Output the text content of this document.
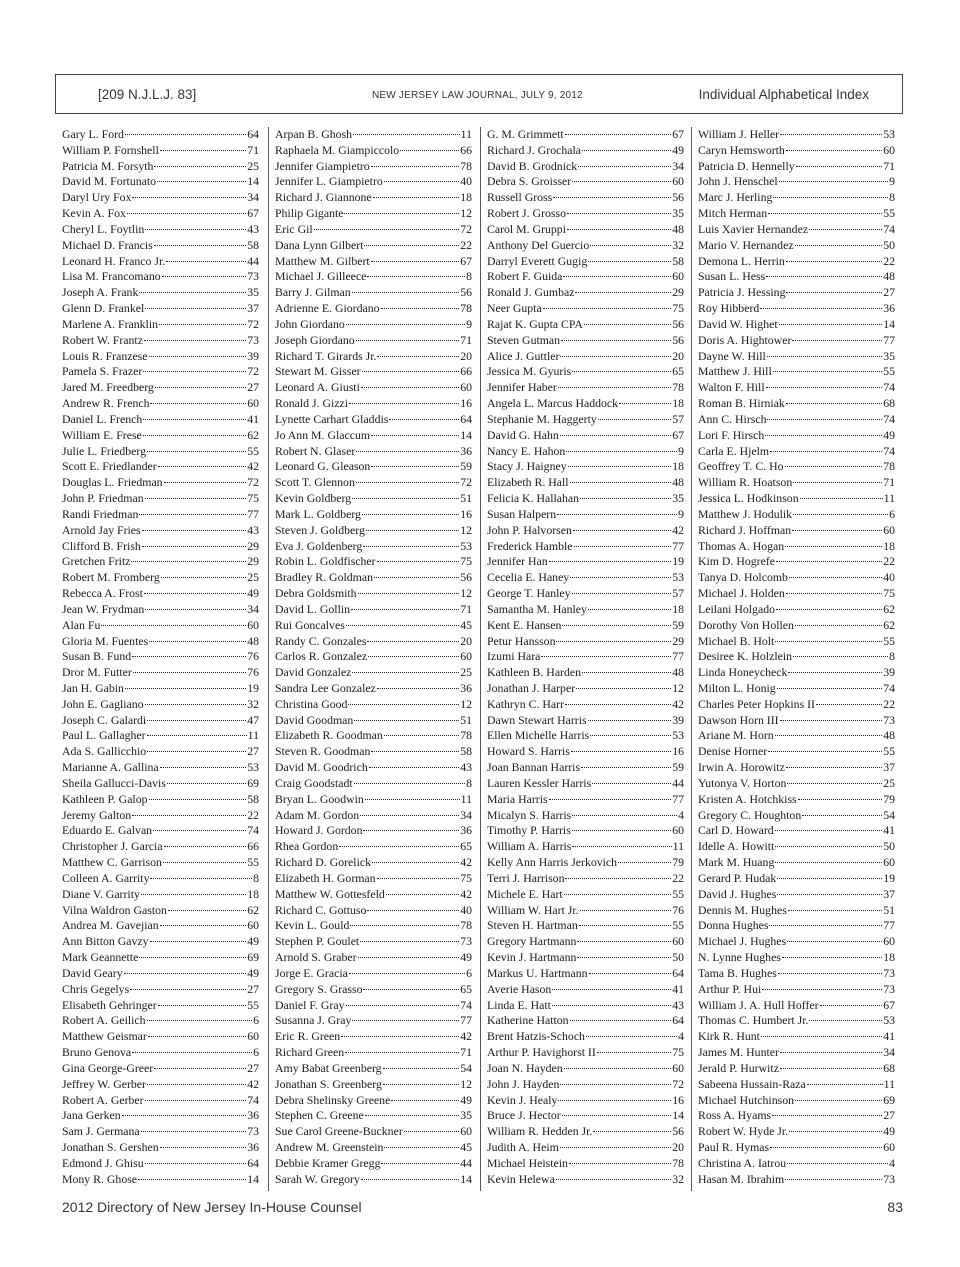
[209 N.J.L.J. 83]	NEW JERSEY LAW JOURNAL, JULY 9, 2012	Individual Alphabetical Index
Gary L. Ford	64
William P. Fornshell	71
Patricia M. Forsyth	25
David M. Fortunato	14
Daryl Ury Fox	34
Kevin A. Fox	67
Cheryl L. Foytlin	43
Michael D. Francis	58
Leonard H. Franco Jr.	44
Lisa M. Francomano	73
Joseph A. Frank	35
Glenn D. Frankel	37
Marlene A. Franklin	72
Robert W. Frantz	73
Louis R. Franzese	39
Pamela S. Frazer	72
Jared M. Freedberg	27
Andrew R. French	60
Daniel L. French	41
William E. Frese	62
Julie L. Friedberg	55
Scott E. Friedlander	42
Douglas L. Friedman	72
John P. Friedman	75
Randi Friedman	77
Arnold Jay Fries	43
Clifford B. Frish	29
Gretchen Fritz	29
Robert M. Fromberg	25
Rebecca A. Frost	49
Jean W. Frydman	34
Alan Fu	60
Gloria M. Fuentes	48
Susan B. Fund	76
Dror M. Futter	76
Jan H. Gabin	19
John E. Gagliano	32
Joseph C. Galardi	47
Paul L. Gallagher	11
Ada S. Gallicchio	27
Marianne A. Gallina	53
Sheila Gallucci-Davis	69
Kathleen P. Galop	58
Jeremy Galton	22
Eduardo E. Galvan	74
Christopher J. Garcia	66
Matthew C. Garrison	55
Colleen A. Garrity	8
Diane V. Garrity	18
Vilna Waldron Gaston	62
Andrea M. Gavejian	60
Ann Bitton Gavzy	49
Mark Geannette	69
David Geary	49
Chris Gegelys	27
Elisabeth Gehringer	55
Robert A. Geilich	6
Matthew Geismar	60
Bruno Genova	6
Gina George-Greer	27
Jeffrey W. Gerber	42
Robert A. Gerber	74
Jana Gerken	36
Sam J. Germana	73
Jonathan S. Gershen	36
Edmond J. Ghisu	64
Mony R. Ghose	14
Arpan B. Ghosh	11
Raphaela M. Giampiccolo	66
Jennifer Giampietro	78
Jennifer L. Giampietro	40
Richard J. Giannone	18
Philip Gigante	12
Eric Gil	72
Dana Lynn Gilbert	22
Matthew M. Gilbert	67
Michael J. Gilleece	8
Barry J. Gilman	56
Adrienne E. Giordano	78
John Giordano	9
Joseph Giordano	71
Richard T. Girards Jr.	20
Stewart M. Gisser	66
Leonard A. Giusti	60
Ronald J. Gizzi	16
Lynette Carhart Gladdis	64
Jo Ann M. Glaccum	14
Robert N. Glaser	36
Leonard G. Gleason	59
Scott T. Glennon	72
Kevin Goldberg	51
Mark L. Goldberg	16
Steven J. Goldberg	12
Eva J. Goldenberg	53
Robin L. Goldfischer	75
Bradley R. Goldman	56
Debra Goldsmith	12
David L. Gollin	71
Rui Goncalves	45
Randy C. Gonzales	20
Carlos R. Gonzalez	60
David Gonzalez	25
Sandra Lee Gonzalez	36
Christina Good	12
David Goodman	51
Elizabeth R. Goodman	78
Steven R. Goodman	58
David M. Goodrich	43
Craig Goodstadt	8
Bryan L. Goodwin	11
Adam M. Gordon	34
Howard J. Gordon	36
Rhea Gordon	65
Richard D. Gorelick	42
Elizabeth H. Gorman	75
Matthew W. Gottesfeld	42
Richard C. Gottuso	40
Kevin L. Gould	78
Stephen P. Goulet	73
Arnold S. Graber	49
Jorge E. Gracia	6
Gregory S. Grasso	65
Daniel F. Gray	74
Susanna J. Gray	77
Eric R. Green	42
Richard Green	71
Amy Babat Greenberg	54
Jonathan S. Greenberg	12
Debra Shelinsky Greene	49
Stephen C. Greene	35
Sue Carol Greene-Buckner	60
Andrew M. Greenstein	45
Debbie Kramer Gregg	44
Sarah W. Gregory	14
G. M. Grimmett	67
Richard J. Grochala	49
David B. Grodnick	34
Debra S. Groisser	60
Russell Gross	56
Robert J. Grosso	35
Carol M. Gruppi	48
Anthony Del Guercio	32
Darryl Everett Gugig	58
Robert F. Guida	60
Ronald J. Gumbaz	29
Neer Gupta	75
Rajat K. Gupta CPA	56
Steven Gutman	56
Alice J. Guttler	20
Jessica M. Gyuris	65
Jennifer Haber	78
Angela L. Marcus Haddock	18
Stephanie M. Haggerty	57
David G. Hahn	67
Nancy E. Hahon	9
Stacy J. Haigney	18
Elizabeth R. Hall	48
Felicia K. Hallahan	35
Susan Halpern	9
John P. Halvorsen	42
Frederick Hamble	77
Jennifer Han	19
Cecelia E. Haney	53
George T. Hanley	57
Samantha M. Hanley	18
Kent E. Hansen	59
Petur Hansson	29
Izumi Hara	77
Kathleen B. Harden	48
Jonathan J. Harper	12
Kathryn C. Harr	42
Dawn Stewart Harris	39
Ellen Michelle Harris	53
Howard S. Harris	16
Joan Bannan Harris	59
Lauren Kessler Harris	44
Maria Harris	77
Micalyn S. Harris	4
Timothy P. Harris	60
William A. Harris	11
Kelly Ann Harris Jerkovich	79
Terri J. Harrison	22
Michele E. Hart	55
William W. Hart Jr.	76
Steven H. Hartman	55
Gregory Hartmann	60
Kevin J. Hartmann	50
Markus U. Hartmann	64
Averie Hason	41
Linda E. Hatt	43
Katherine Hatton	64
Brent Hatzis-Schoch	4
Arthur P. Havighorst II	75
Joan N. Hayden	60
John J. Hayden	72
Kevin J. Healy	16
Bruce J. Hector	14
William R. Hedden Jr.	56
Judith A. Heim	20
Michael Heistein	78
Kevin Helewa	32
William J. Heller	53
Caryn Hemsworth	60
Patricia D. Hennelly	71
John J. Henschel	9
Marc J. Herling	8
Mitch Herman	55
Luis Xavier Hernandez	74
Mario V. Hernandez	50
Demona L. Herrin	22
Susan L. Hess	48
Patricia J. Hessing	27
Roy Hibberd	36
David W. Highet	14
Doris A. Hightower	77
Dayne W. Hill	35
Matthew J. Hill	55
Walton F. Hill	74
Roman B. Hirniak	68
Ann C. Hirsch	74
Lori F. Hirsch	49
Carla E. Hjelm	74
Geoffrey T. C. Ho	78
William R. Hoatson	71
Jessica L. Hodkinson	11
Matthew J. Hodulik	6
Richard J. Hoffman	60
Thomas A. Hogan	18
Kim D. Hogrefe	22
Tanya D. Holcomb	40
Michael J. Holden	75
Leilani Holgado	62
Dorothy Von Hollen	62
Michael B. Holt	55
Desiree K. Holzlein	8
Linda Honeycheck	39
Milton L. Honig	74
Charles Peter Hopkins II	22
Dawson Horn III	73
Ariane M. Horn	48
Denise Horner	55
Irwin A. Horowitz	37
Yutonya V. Horton	25
Kristen A. Hotchkiss	79
Gregory C. Houghton	54
Carl D. Howard	41
Idelle A. Howitt	50
Mark M. Huang	60
Gerard P. Hudak	19
David J. Hughes	37
Dennis M. Hughes	51
Donna Hughes	77
Michael J. Hughes	60
N. Lynne Hughes	18
Tama B. Hughes	73
Arthur P. Hui	73
William J. A. Hull Hoffer	67
Thomas C. Humbert Jr.	53
Kirk R. Hunt	41
James M. Hunter	34
Jerald P. Hurwitz	68
Sabeena Hussain-Raza	11
Michael Hutchinson	69
Ross A. Hyams	27
Robert W. Hyde Jr.	49
Paul R. Hymas	60
Christina A. Iatrou	4
Hasan M. Ibrahim	73
2012 Directory of New Jersey In-House Counsel	83
